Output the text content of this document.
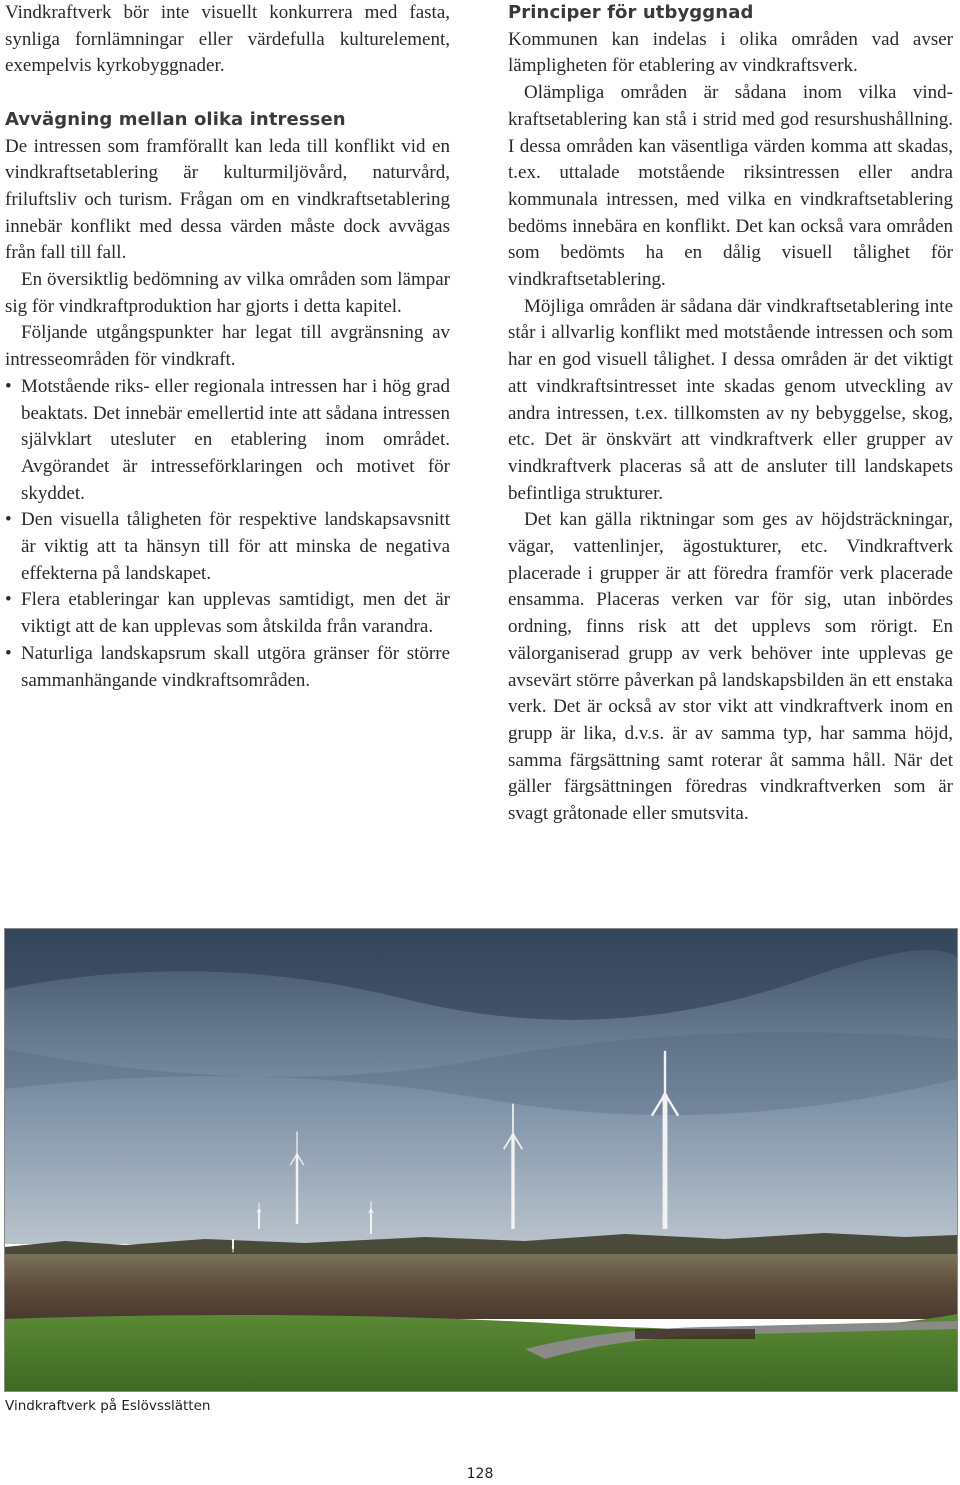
Vindkraftverk bör inte visuellt konkurrera med fasta, synliga fornlämningar eller värdefulla kulturelement, exempelvis kyrkobyggnader.

Avvägning mellan olika intressen

De intressen som framförallt kan leda till konflikt vid en vindkraftsetablering är kulturmiljövård, naturvård, friluftsliv och turism. Frågan om en vindkraftsetablering innebär konflikt med dessa värden måste dock avvägas från fall till fall.

En översiktlig bedömning av vilka områden som lämpar sig för vindkraftproduktion har gjorts i detta kapitel.

Följande utgångspunkter har legat till avgränsning av intresseområden för vindkraft.

• Motstående riks- eller regionala intressen har i hög grad beaktats. Det innebär emellertid inte att sådana intressen självklart utesluter en etablering inom området. Avgörandet är intresseförklaringen och motivet för skyddet.
• Den visuella tåligheten för respektive landskapsavsnitt är viktig att ta hänsyn till för att minska de negativa effekterna på landskapet.
• Flera etableringar kan upplevas samtidigt, men det är viktigt att de kan upplevas som åtskilda från varandra.
• Naturliga landskapsrum skall utgöra gränser för större sammanhängande vindkraftsområden.
Principer för utbyggnad

Kommunen kan indelas i olika områden vad avser lämpligheten för etablering av vindkraftsverk.

Olämpliga områden är sådana inom vilka vindkraftsetablering kan stå i strid med god resurshushållning. I dessa områden kan väsentliga värden komma att skadas, t.ex. uttalade motstående riksintressen eller andra kommunala intressen, med vilka en vindkraftsetablering bedöms innebära en konflikt. Det kan också vara områden som bedömts ha en dålig visuell tålighet för vindkraftsetablering.

Möjliga områden är sådana där vindkraftsetablering inte står i allvarlig konflikt med motstående intressen och som har en god visuell tålighet. I dessa områden är det viktigt att vindkraftsintresset inte skadas genom utveckling av andra intressen, t.ex. tillkomsten av ny bebyggelse, skog, etc. Det är önskvärt att vindkraftverk eller grupper av vindkraftverk placeras så att de ansluter till landskapets befintliga strukturer.

Det kan gälla riktningar som ges av höjdsträckningar, vägar, vattenlinjer, ägostukturer, etc. Vindkraftverk placerade i grupper är att föredra framför verk placerade ensamma. Placeras verken var för sig, utan inbördes ordning, finns risk att det upplevs som rörigt. En välorganiserad grupp av verk behöver inte upplevas ge avsevärt större påverkan på landskapsbilden än ett enstaka verk. Det är också av stor vikt att vindkraftverk inom en grupp är lika, d.v.s. är av samma typ, har samma höjd, samma färgsättning samt roterar åt samma håll. När det gäller färgsättningen föredras vindkraftverken som är svagt gråtonade eller smutsvita.

Vindkraftverk på Eslövsslätten
128
